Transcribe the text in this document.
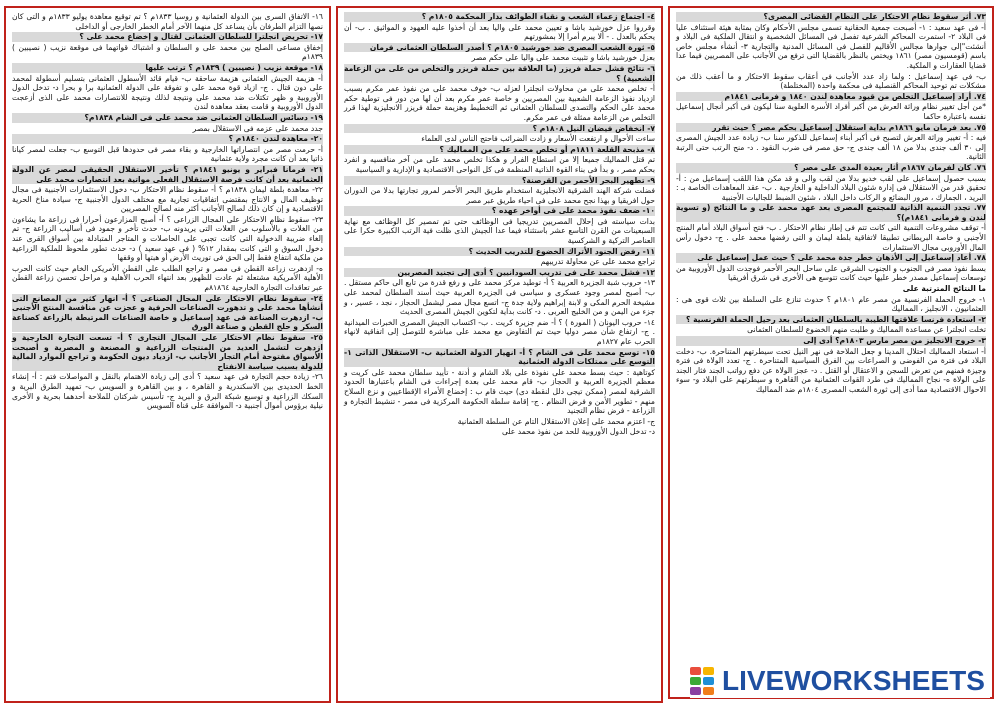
٧٣. أثر سقوط نظام الاحتكار على النظام القضائى المصرى؟
أ- فى عهد سعيد : ١- أصبحت جمعية الحقانية تسمى مجلس الأحكام وكان بمثابة هيئة استئناف عليا فى البلاد ٢- استمرت المحاكم الشرعية تفصل فى المسائل الشخصية و انتقال الملكية فى البلاد و أنشئت"إلى جوارها مجالس الأقاليم للفصل فى المسائل المدنية والتجارية ٣- أنشأء مجلس خاص باسم (قومسيون مصر) ١٨٦١ ويختص بالنظر بالقضايا التى ترفع من الأجانب على المصريين فيما عدا قضايا العقارات و الملكية.
ب- فى عهد إسماعيل : ولما زاد عدد الأجانب فى أعقاب سقوط الاحتكار و ما أعقب ذلك من مشكلات تم توحيد المحاكم القنصلية فى محكمة واحدة (المختلطة)
٧٤. أراد إسماعيل التخلص من قيود معاهدة لندن ١٨٤٠ و فرمانى ١٨٤١م
*من أجل تغيير نظام وراثة العرش من أكبر أفراد الأسرة العلوية سنا ليكون فى أكبر أنجال إسماعيل نفسه باعتبارة حاكما
٧٥. بعد فرمان مايو ١٨٦٦م بداية استقلال إسماعيل بحكم مصر ؟ حيث تقرر
فيه : أ- تغيير وراثة العرش لتصبح فى أكبر أبناء إسماعيل للذكور سنا ب- زيادة عدد الجيش المصرى إلى ٣٠ ألف جندى بدلا من ١٨ ألف جندى ج- حق مصر فى ضرب النقود . د- منح الرتب حتى الرتبة الثانية.
٧٦. كان لفرمان ١٨٦٧م أثار بعيدة المدى على مصر ؟
بسبب حصول إسماعيل على لقب خديو بدلا من لقب والى و قد مكن هذا اللقب إسماعيل من : أ- تحقيق قدر من الاستقلال فى إدارة شئون البلاد الداخلية و الخارجية . ب- عقد المعاهدات الخاصة بـ : البريد ، الجمارك ، مرور البضائع و الركاب داخل البلاد ، شئون الضبط للجاليات الأجنبية
٧٧. تجدد التنمية الذاتية للمجتمع المصرى بعد عهد محمد على و ما النتائج (و تسوية لندن و فرمانى ١٨٤١م)؟
أ- توقف مشروعات التنمية التى كانت تتم فى إطار نظام الاحتكار . ب- فتح أسواق البلاد أمام المنتج الأجنبى و خاصة البريطانى تطبيقا لاتفاقية بلطة ليمان و التى رفضها محمد على . ج- دخول رأس المال الأوروبى مجال الاستثمارات
٧٨. أعاد إسماعيل إلى الأذهان خطر جدة محمد على ؟ حيث عمل إسماعيل على
بسط نفوذ مصر فى الجنوب و الجنوب الشرقى على ساحل البحر الأحمر فوجدت الدول الأوروبية من توسعات إسماعيل مصدر خطر عليها حيث كانت تتوسع هى الأخرى فى شرق أفريقيا
ما النتائج المترتبة على
١- خروج الحملة الفرنسية من مصر عام ١٨٠١م ؟ حدوث تنازع على السلطة بين ثلاث قوى هى : العثمانيون ، الانجليز ، المماليك
٢- استعادة فرنسا علاقتها الطيبة بالسلطان العثمانى بعد رحيل الحملة الفرنسية ؟
تخلت انجلترا عن مساعدة المماليك و طلبت منهم الخضوع للسلطان العثمانى
٣- خروج الانجليز من مصر مارس ١٨٠٣م؟ أدى إلى
أ- استعاد المماليك احتلال المدينا و جعل الملاحة فى نهر النيل تحت سيطرتهم المتناحرة. ب- دخلت البلاد فى فترة من الفوضى و الصراعات بين الفرق السياسية المتناحرة . ج- تعدد الولاة فى فترة وجيزة فمنهم من تعرض للسجن و الاعتقال أو القتل . د- عجز الولاة عن دفع رواتب الجند فثار الجند على الولاة ه- نجاح المماليك فى طرد القوات العثمانية من القاهرة و سيطرتهم على البلاد و- سوء الاحوال الاقتصادية مما أدى إلى ثورة الشعب المصرى ١٨٠٤م ضد المماليك
٤- اجتماع زعماء الشعب و نقباء الطوائف بدار المحكمة ١٨٠٥م ؟
وقرروا عزل خورشيد باشا و تعيين محمد على واليا بعد أن أخذوا عليه العهود و المواثيق . ب- أن يحكم بالعدل . - ألا يبرم أمرا إلا بمشورتهم
٥- ثورة الشعب المصرى ضد خورشيد ١٨٠٥م ؟ أصدر السلطان العثمانى فرمان
بعزل خورشيد باشا و تثبيت محمد على واليا على حكم مصر
٦- نتائج فشل حملة فريزر (ما العلاقة بين حملة فريزر والتخلص من على من الزعامة الشعبية) ؟
أ- تخلص محمد على من محاولات انجلترا لعزله ب- خوف محمد على من نفوذ عمر مكرم بسبب ازدياد نفوذ الزعامة الشعبية بين المصريين و خاصة عمر مكرم بعد أن لها من دور فى توطية حكم محمد على الحكم والتصدى للسلطان العثمانى ثم التخطيط وهزيمة حملة فريزر الانجليزية لهذا قرر التخلص من الزعامة ممثلة فى عمر مكرم.
٧- انخفاض فيضان النيل ١٨٠٨م ؟
ساءت الأحوال و ارتفعت الأسعار و زادت الضرائب فاحتج الناس لدى العلماء
٨- مذبحة القلعة ١٨١١م أو تخلص محمد على من المماليك ؟
تم قتل المماليك جميعا إلا من استطاع الفرار و هكذا تخلص محمد على من آخر منافسيه و انفرد بحكم مصر ، و بدأ فى بناء القوة الذاتية المنظمة فى كل النواحى الاقتصادية و الإدارية و السياسية
٩- تطهير البحر الأحمر من القرصنة؟
فضلت شركة الهند الشرقية الانجليزية استخدام طريق البحر الأحمر لمرور تجارتها بدلا من الدوران حول افريقيا و بهذا نجح محمد على فى احياء طريق عبر مصر
١٠- ضعف نفوذ محمد على فى أواخر عهده ؟
بدات سياسته فى إحلال المصريين تدريجيا فى الوظائف حتى تم تمصير كل الوظائف مع نهاية السبعينات من القرن التاسع عشر باستثناء فيما عدا الجيش الذى ظلت فية الرتب الكبيرة حكرا على العناصر التركية و الشركسية
١١- رفض الجنود الأتراك الخضوع للتدريب الحديث ؟
تراجع محمد على عن محاولة تدريبهم
١٢- فشل محمد على فى تدريب السودانيين ؟ أدى إلى تجنيد المصريين
١٣- حروب شبة الجزيرة العربية ؟ أ- توطيد مركز محمد على و رفع قدرة من تابع الى حاكم مستقل . ب- أصبح لمصر وجود عسكرى و سياسى فى الجزيرة العربية حيث أسند السلطان لمحمد على مشيخة الحرم المكى و لابنة إبراهيم ولاية جدة ج- اتسع مجال مصر ليشمل الحجاز ، نجد ، عسير ، و جزء من اليمن و من الخليج العربى . د- كانت بداية لتكوين الجيش المصرى الحديث
١٤- حروب اليونان ( المورة ) ؟ أ- ضم جزيرة كريت . ب- اكتساب الجيش المصرى الخبرات الميدانية . ج- ارتفاع شأن مصر دوليا حيث تم التفاوض مع محمد على مباشرة للتوصل إلى اتفاقية لانهاء الحرب عام ١٨٢٧م
١٥- توسع محمد على فى الشام ؟ أ- انهيار الدولة العثمانية ب- الاستقلال الذاتى ١- التوسع على ممتلكات الدولة العثمانية
كوتاهية : حيث بسط محمد على نفوذة على بلاد الشام و أدنة - تأييد سلطان محمد على كريت و معظم الجزيرة العربية و الحجاز ب- قام محمد على بعدة إجراءات فى الشام باعتبارها الحدود الشرقية لمصر (ممكن تيجى دلل لنقطة دى) حيث قام ب : إخضاع الأمراء الإقطاعيين و نزع السلاح منهم - تطوير الأمن و فرض النظام . ج- إقامة سلطة الحكومة المركزية فى مصر - تنشيط التجارة و الزراعة - فرض نظام التجنيد
ج- اعتزم محمد على إعلان الاستقلال التام عن السلطة العثمانية
د- تدخل الدول الأوروبية للحد من نفوذ محمد على
١٦- الاتفاق السرى بين الدولة العثمانية و روسيا ١٨٣٣م ؟ تم توقيع معاهدة يوليو ١٨٣٣م و التى كان نصها التزام الطرفان بأن يساعد كل منهما الآخر أمام الخطر الخارجى أو الداخلى
١٧- تحريض انجلترا للسلطان العثمانى لقتال و إخضاع محمد على ؟
إخفاق مساعى الصلح بين محمد على و السلطان و اشتباك قواتهما فى موقعة نزيب ( نصيبين ) ١٨٣٩م
١٨- موقعة نزيب ( نصيبين ) ١٨٣٩م ؟ ترتب عليها
أ- هزيمة الجيش العثمانى هزيمة ساحقة ب- قيام قائد الأسطول العثمانى بتسليم أسطولة لمحمد على دون قتال . ج- ازياد قوة محمد على و تفوقة على الدولة العثمانية برا و بحرا د- تدخل الدول الأوروبية و ظهر تكتلات ضد محمد على ونتيجة لذلك ونتيجة للانتصارات محمد على الذى أزعجت الدول الأوروبية و قامت بعقد معاهدة لندن
١٩- دسائس السلطان العثمانى ضد محمد على فى الشام ١٨٣٨م؟
جدد محمد على عزمه فى الاستقلال بمصر
٢٠- معاهدة لندن ١٨٤٠م ؟
أ- حرمت مصر من انتصاراتها الخارجية و بقاء مصر فى حدودها قبل التوسع ب- جعلت لمصر كيانا ذاتيا بعد أن كانت مجرد ولاية عثمانية
٢١- فرمانا فبراير و يونيو ١٨٤١م ؟ تأخير الاستقلال الحقيقى لمصر عن الدولة العثمانية بعد أن كانت فرصة الاستقلال الفعلى مواتية بعد انتصارات محمد على
٢٢- معاهدة بلطة ليمان ١٨٣٨م ؟ أ- سقوط نظام الاحتكار ب- دخول الاستثمارات الأجنبية فى مجال توظيف المال و الانتاج بمقتضى اتفاقيات تجارية مع مختلف الدول الأجنبية ج- سيادة مناخ الحرية الاقتصادية و إن كان ذلك لصالح الأجانب أكثر منه لصالح المصريين
٢٣- سقوط نظام الاحتكار على المجال الزراعى ؟ أ- أصبح المزارعون أحرارا فى زراعة ما يشاءون من الغلات و بالأسلوب من الغلات التى يريدونه ب- حدث تأخر و جمود فى أساليب الزراعة ج- تم إلغاء ضريبة الدخولية التى كانت تجبى على الحاصلات و المتاجر المتبادلة بين أسواق القرى عند دخول السوق و التى كانت بمقدار ١٢% ( فى عهد سعيد ) د- حدث تطور ملحوظ للملكية الزراعية من ملكية انتفاع فقط إلى الحق فى توريث الأرض أو هبتها أو وقفها
ه- ازدهرت زراعة القطن فى مصر و تراجع الطلب على القطن الأمريكى الخام حيث كانت الحرب الأهلية الأمريكية مشتعلة ثم عادت للظهور بعد انتهاء الحرب الأهلية و مراحل تحسن زراعة القطن عبر تعاقدات التجارة الخارجية ٨١٨٦٤م
٢٤- سقوط نظام الاحتكار على المجال الصناعى ؟ أ- انهار كثير من المصانع التى أنشأها محمد على و تدهورت الصناعات الحرفية و عجزت عن منافسة المنتج الأجنبى ب- ازدهرت الصناعة فى عهد إسماعيل و خاصة الصناعات المرتبطة بالزراعة كصناعة السكر و حلج القطن و صناعة الورق
٢٥- سقوط نظام الاحتكار على المجال التجارى ؟ أ- تسعت التجارة الخارجية و ازدهرت لتشمل العديد من المنتجات الزراعية و المصنعة و المصرية و أصبحت الأسواق مفتوحة أمام التجار الأجانب ب- ازدياد ديون الحكومة و تراجع الموارد المالية للدولة بسبب سياسة الانفتاح
٢٦- زيادة حجم التجارة فى عهد سعيد ؟ أدى إلى زيادة الاهتمام بالنقل و المواصلات فتم : أ- إنشاء الخط الحديدى بين الاسكندرية و القاهرة ، و بين القاهرة و السويس ب- تمهيد الطرق البرية و السكك الزراعية و توسيع شبكة البرق و البريد ج- تأسيس شركتان للملاحة أحدهما بحرية و الأخرى نيلية برؤوس أموال أجنبية د- الموافقة على قناة السويس
LIVEWORKSHEETS
